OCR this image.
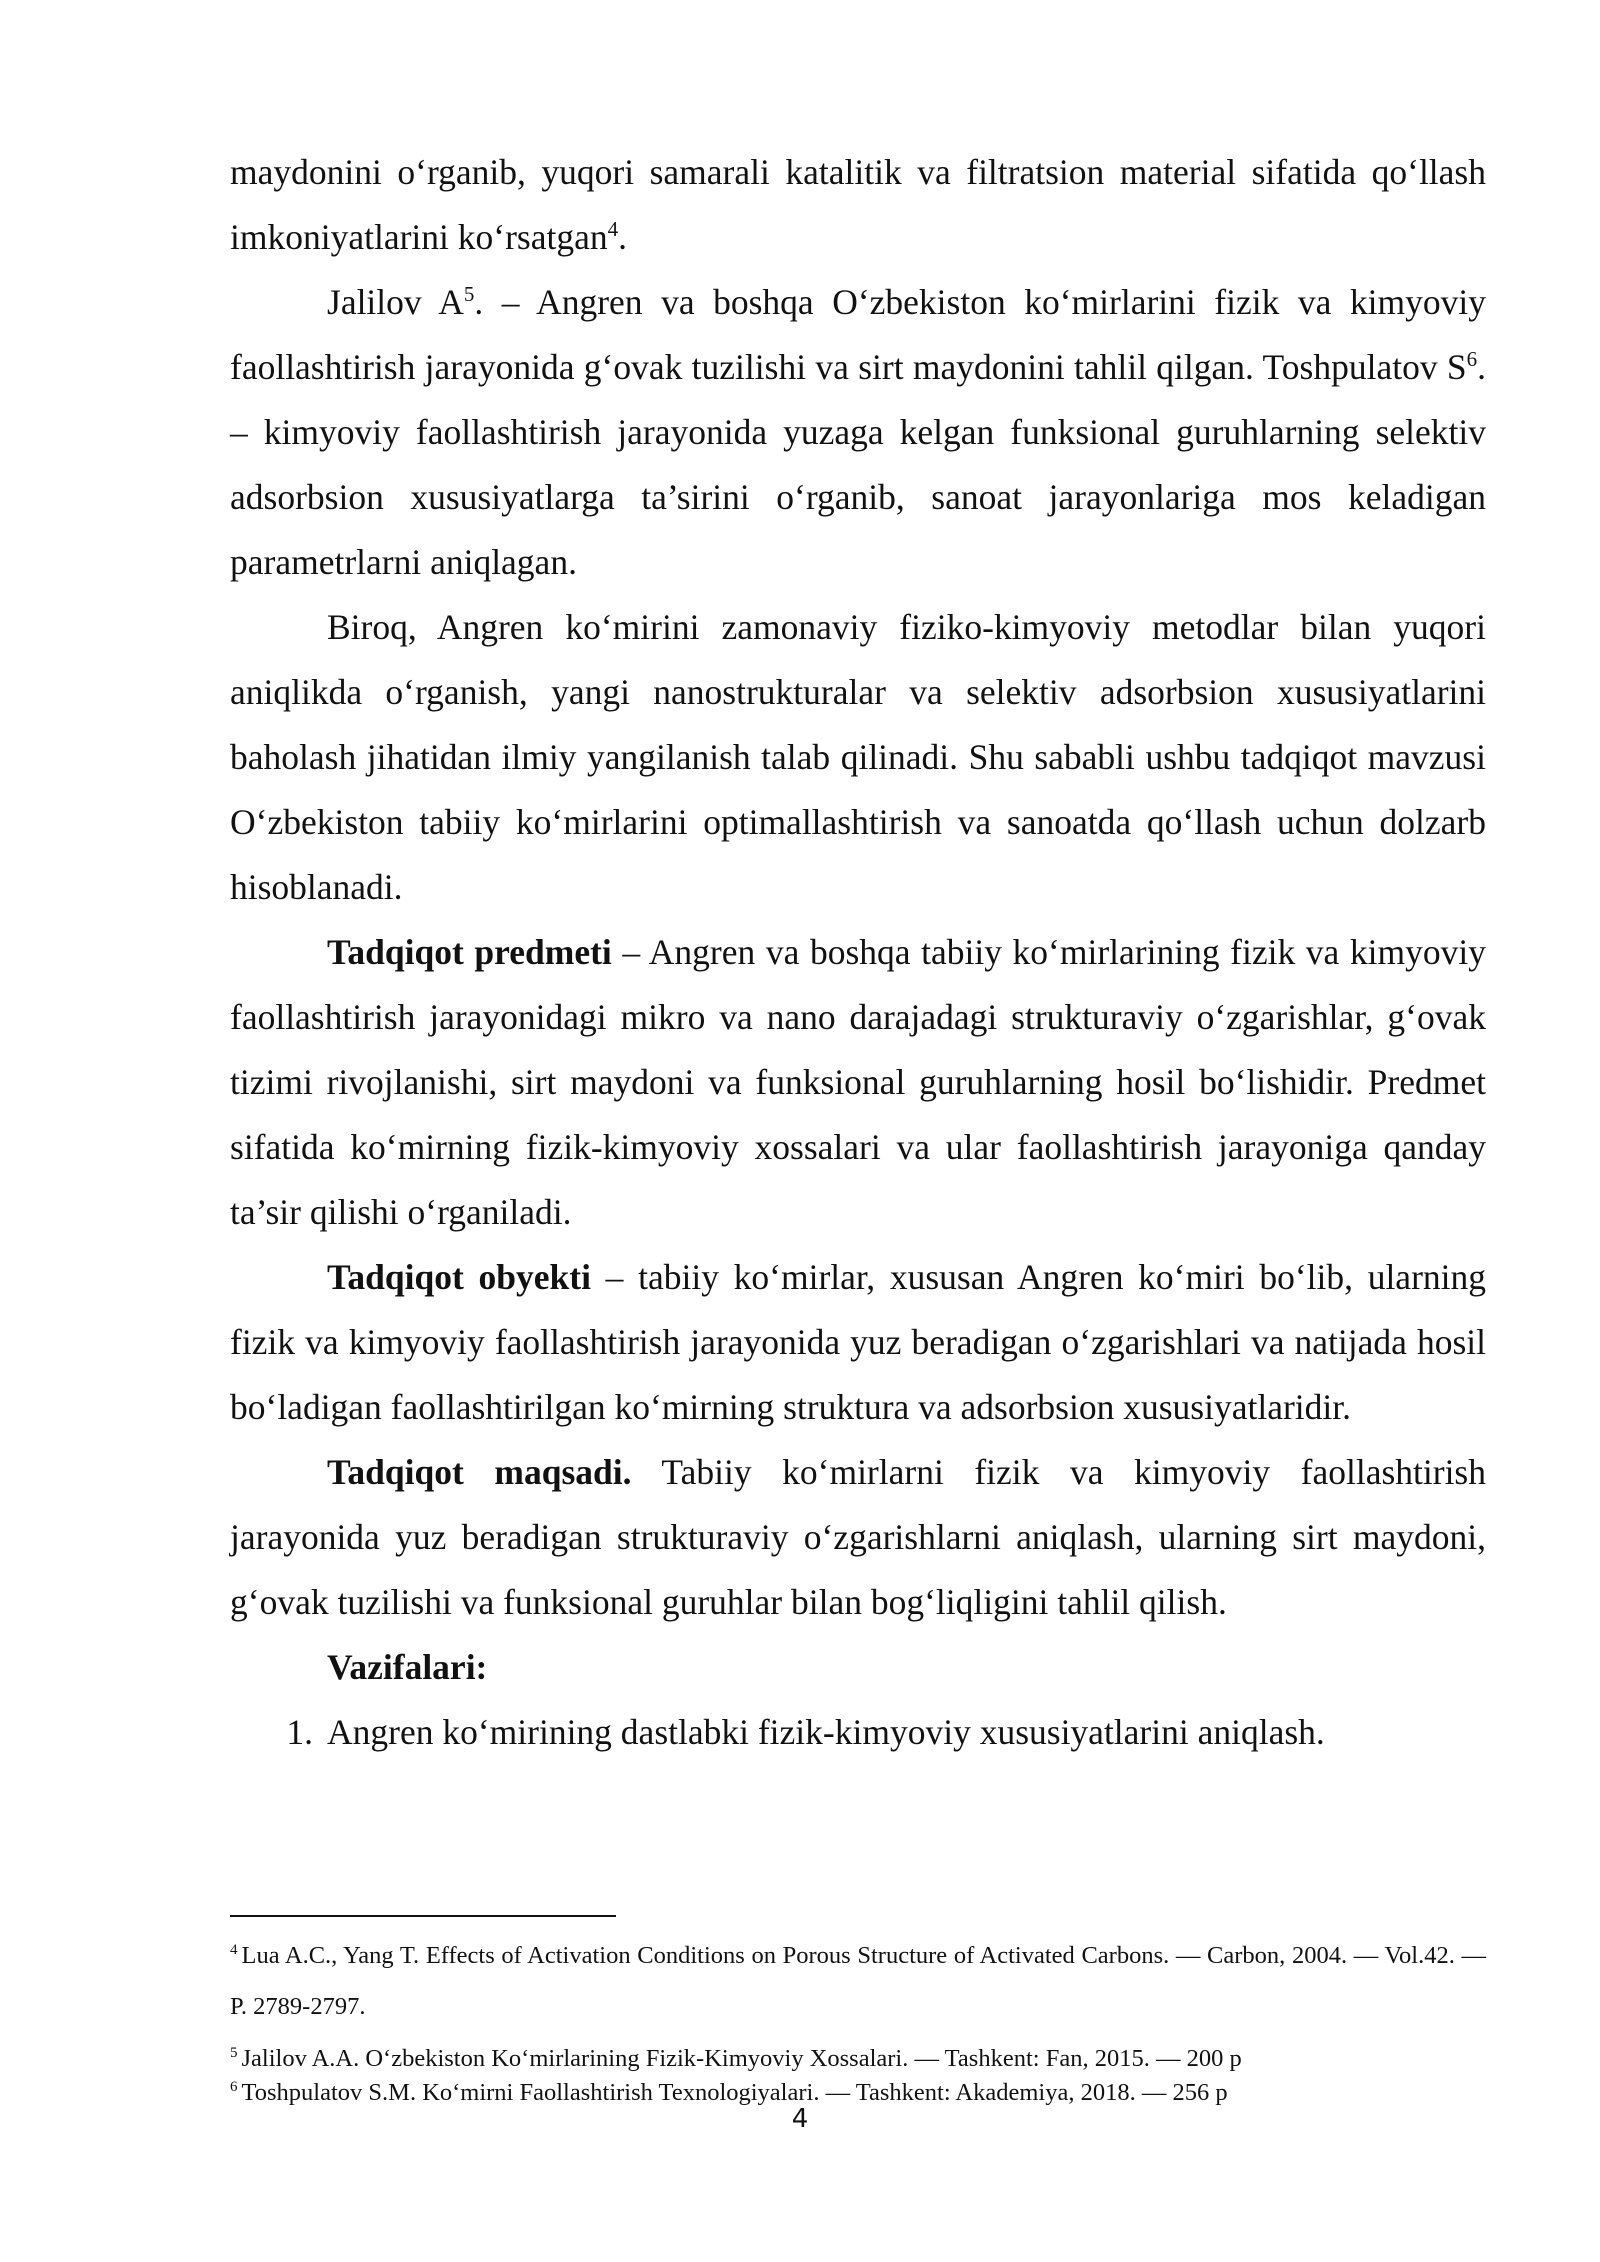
maydonini o‘rganib, yuqori samarali katalitik va filtratsion material sifatida qo‘llash imkoniyatlarini ko‘rsatgan$^4$.

Jalilov $A^5$. – Angren va boshqa O‘zbekiston ko‘mirlarini fizik va kimyoviy faollashtirish jarayonida g‘ovak tuzilishi va sirt maydonini tahlil qilgan. Toshpulatov $S^6$. – kimyoviy faollashtirish jarayonida yuzaga kelgan funksional guruhlarning selektiv adsorbsion xususiyatlarga ta’sirini o‘rganib, sanoat jarayonlariga mos keladigan parametrlarni aniqlagan.

Biroq, Angren ko‘mirini zamonaviy fiziko-kimyoviy metodlar bilan yuqori aniqlikda o‘rganish, yangi nanostrukturalar va selektiv adsorbsion xususiyatlarini baholash jihatidan ilmiy yangilanish talab qilinadi. Shu sababli ushbu tadqiqot mavzusi O‘zbekiston tabiiy ko‘mirlarini optimallashtirish va sanoatda qo‘llash uchun dolzarb hisoblanadi.

Tadqiqot predmeti – Angren va boshqa tabiiy ko‘mirlarining fizik va kimyoviy faollashtirish jarayonidagi mikro va nano darajadagi strukturaviy o‘zgarishlar, g‘ovak tizimi rivojlanishi, sirt maydoni va funksional guruhlarning hosil bo‘lishidir. Predmet sifatida ko‘mirning fizik-kimyoviy xossalari va ular faollashtirish jarayoniga qanday ta’sir qilishi o‘rganiladi.

Tadqiqot obyekti – tabiiy ko‘mirlar, xususan Angren ko‘miri bo‘lib, ularning fizik va kimyoviy faollashtirish jarayonida yuz beradigan o‘zgarishlari va natijada hosil bo‘ladigan faollashtirilgan ko‘mirning struktura va adsorbsion xususiyatlaridir.

Tadqiqot maqsadi. Tabiiy ko‘mirlarni fizik va kimyoviy faollashtirish jarayonida yuz beradigan strukturaviy o‘zgarishlarni aniqlash, ularning sirt maydoni, g‘ovak tuzilishi va funksional guruhlar bilan bog‘liqligini tahlil qilish.

Vazifalari:

1. Angren ko‘mirining dastlabki fizik-kimyoviy xususiyatlarini aniqlash.

$^4$ Lua A.C., Yang T. Effects of Activation Conditions on Porous Structure of Activated Carbons. — Carbon, 2004. — Vol.42. — P. 2789-2797.

$^5$ Jalilov A.A. O‘zbekiston Ko‘mirlarining Fizik-Kimyoviy Xossalari. — Tashkent: Fan, 2015. — 200 p

$^6$ Toshpulatov S.M. Ko‘mirni Faollashtirish Texnologiyalari. — Tashkent: Akademiya, 2018. — 256 p

4
